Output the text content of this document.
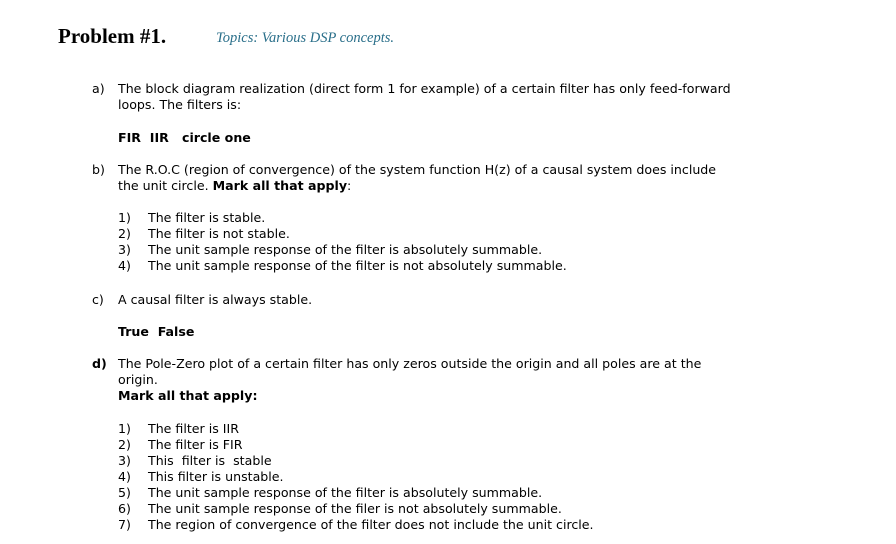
Problem #1.	Topics: Various DSP concepts.
a) The block diagram realization (direct form 1 for example) of a certain filter has only feed-forward
loops. The filters is:
FIR  IIR   circle one
b) The R.O.C (region of convergence) of the system function H(z) of a causal system does include
the unit circle. Mark all that apply:
1) The filter is stable.
2) The filter is not stable.
3) The unit sample response of the filter is absolutely summable.
4) The unit sample response of the filter is not absolutely summable.
c) A causal filter is always stable.
True  False
d) The Pole-Zero plot of a certain filter has only zeros outside the origin and all poles are at the
origin.
Mark all that apply:
1) The filter is IIR
2) The filter is FIR
3) This  filter is  stable
4) This filter is unstable.
5) The unit sample response of the filter is absolutely summable.
6) The unit sample response of the filer is not absolutely summable.
7) The region of convergence of the filter does not include the unit circle.
